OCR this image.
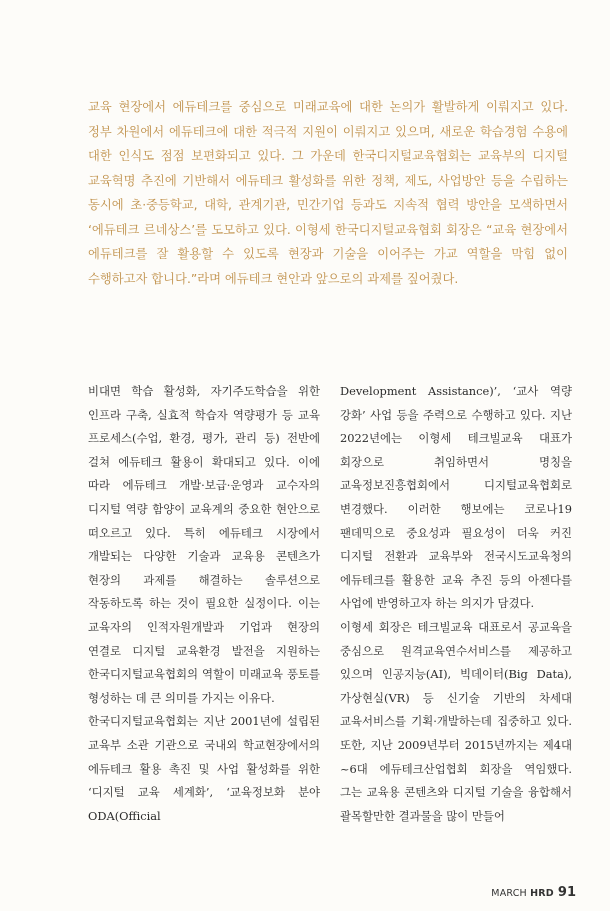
교육 현장에서 에듀테크를 중심으로 미래교육에 대한 논의가 활발하게 이뤄지고 있다. 정부 차원에서 에듀테크에 대한 적극적 지원이 이뤄지고 있으며, 새로운 학습경험 수용에 대한 인식도 점점 보편화되고 있다. 그 가운데 한국디지털교육협회는 교육부의 디지털 교육혁명 추진에 기반해서 에듀테크 활성화를 위한 정책, 제도, 사업방안 등을 수립하는 동시에 초·중등학교, 대학, 관계기관, 민간기업 등과도 지속적 협력 방안을 모색하면서 ‘에듀테크 르네상스’를 도모하고 있다. 이형세 한국디지털교육협회 회장은 “교육 현장에서 에듀테크를 잘 활용할 수 있도록 현장과 기술을 이어주는 가교 역할을 막힘 없이 수행하고자 합니다.”라며 에듀테크 현안과 앞으로의 과제를 짚어줬다.

비대면 학습 활성화, 자기주도학습을 위한 인프라 구축, 실효적 학습자 역량평가 등 교육 프로세스(수업, 환경, 평가, 관리 등) 전반에 걸쳐 에듀테크 활용이 확대되고 있다. 이에 따라 에듀테크 개발·보급·운영과 교수자의 디지털 역량 함양이 교육계의 중요한 현안으로 떠오르고 있다. 특히 에듀테크 시장에서 개발되는 다양한 기술과 교육용 콘텐츠가 현장의 과제를 해결하는 솔루션으로 작동하도록 하는 것이 필요한 실정이다. 이는 교육자의 인적자원개발과 기업과 현장의 연결로 디지털 교육환경 발전을 지원하는 한국디지털교육협회의 역할이 미래교육 풍토를 형성하는 데 큰 의미를 가지는 이유다.

한국디지털교육협회는 지난 2001년에 설립된 교육부 소관 기관으로 국내외 학교현장에서의 에듀테크 활용 촉진 및 사업 활성화를 위한 ‘디지털 교육 세계화’, ‘교육정보화 분야 ODA(Official

Development Assistance)’, ‘교사 역량 강화’ 사업 등을 주력으로 수행하고 있다. 지난 2022년에는 이형세 테크빌교육 대표가 회장으로 취임하면서 명칭을 교육정보진흥협회에서 디지털교육협회로 변경했다. 이러한 행보에는 코로나19 팬데믹으로 중요성과 필요성이 더욱 커진 디지털 전환과 교육부와 전국시도교육청의 에듀테크를 활용한 교육 추진 등의 아젠다를 사업에 반영하고자 하는 의지가 담겼다.

이형세 회장은 테크빌교육 대표로서 공교육을 중심으로 원격교육연수서비스를 제공하고 있으며 인공지능(AI), 빅데이터(Big Data), 가상현실(VR) 등 신기술 기반의 차세대 교육서비스를 기획·개발하는데 집중하고 있다. 또한, 지난 2009년부터 2015년까지는 제4대~6대 에듀테크산업협회 회장을 역임했다. 그는 교육용 콘텐츠와 디지털 기술을 융합해서 괄목할만한 결과물을 많이 만들어

MARCH HRD 91
